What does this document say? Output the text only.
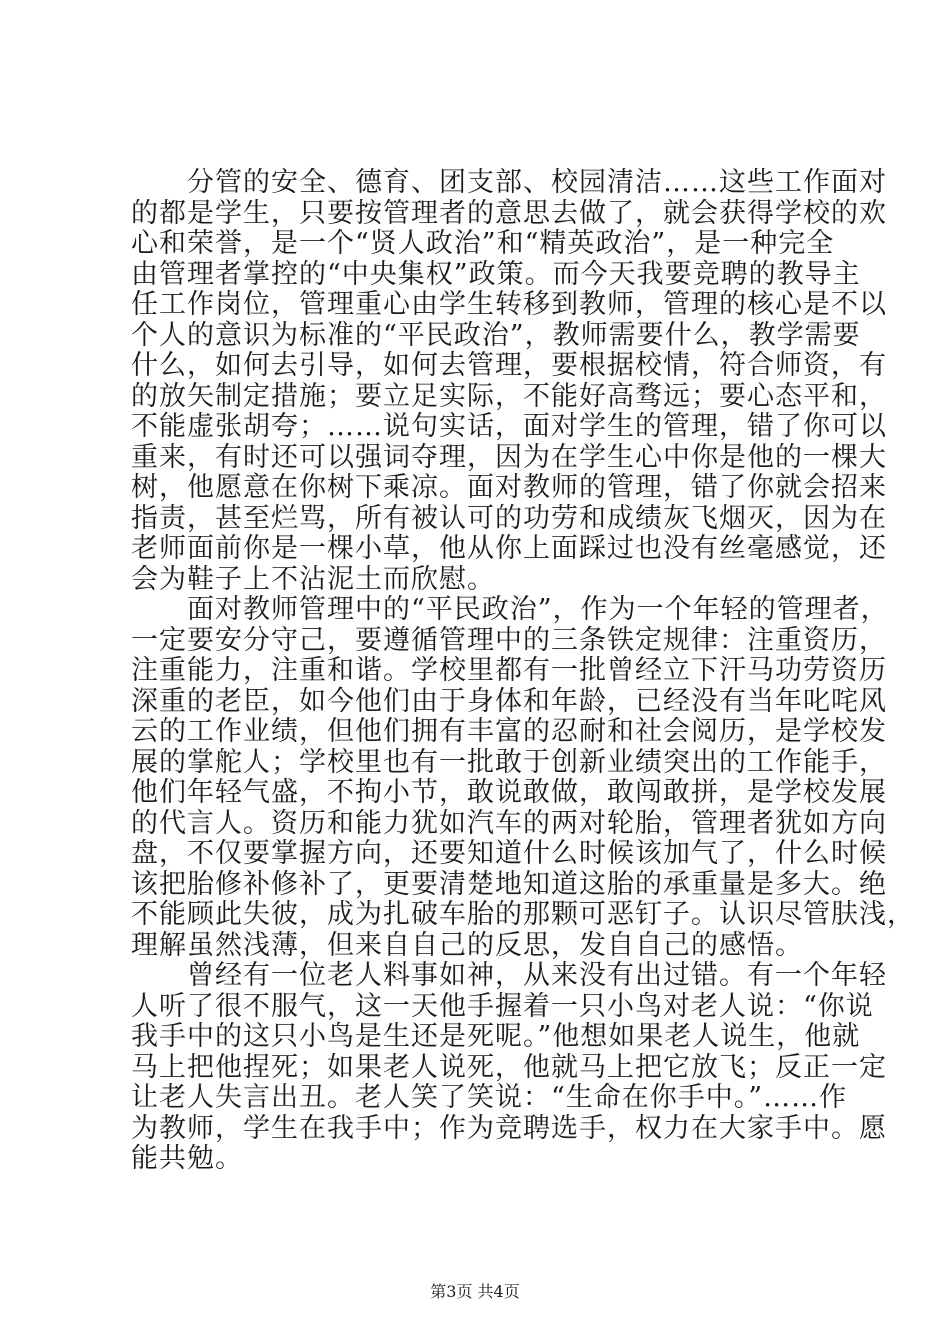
　　分管的安全、德育、团支部、校园清洁……这些工作面对
的都是学生，只要按管理者的意思去做了，就会获得学校的欢
心和荣誉，是一个“贤人政治”和“精英政治”，是一种完全
由管理者掌控的“中央集权”政策。而今天我要竞聘的教导主
任工作岗位，管理重心由学生转移到教师，管理的核心是不以
个人的意识为标准的“平民政治”，教师需要什么，教学需要
什么，如何去引导，如何去管理，要根据校情，符合师资，有
的放矢制定措施；要立足实际，不能好高骛远；要心态平和，
不能虚张胡夸；……说句实话，面对学生的管理，错了你可以
重来，有时还可以强词夺理，因为在学生心中你是他的一棵大
树，他愿意在你树下乘凉。面对教师的管理，错了你就会招来
指责，甚至烂骂，所有被认可的功劳和成绩灰飞烟灭，因为在
老师面前你是一棵小草，他从你上面踩过也没有丝毫感觉，还
会为鞋子上不沾泥土而欣慰。
　　面对教师管理中的“平民政治”，作为一个年轻的管理者，
一定要安分守己，要遵循管理中的三条铁定规律：注重资历，
注重能力，注重和谐。学校里都有一批曾经立下汗马功劳资历
深重的老臣，如今他们由于身体和年龄，已经没有当年叱咤风
云的工作业绩，但他们拥有丰富的忍耐和社会阅历，是学校发
展的掌舵人；学校里也有一批敢于创新业绩突出的工作能手，
他们年轻气盛，不拘小节，敢说敢做，敢闯敢拼，是学校发展
的代言人。资历和能力犹如汽车的两对轮胎，管理者犹如方向
盘，不仅要掌握方向，还要知道什么时候该加气了，什么时候
该把胎修补修补了，更要清楚地知道这胎的承重量是多大。绝
不能顾此失彼，成为扎破车胎的那颗可恶钉子。认识尽管肤浅，
理解虽然浅薄，但来自自己的反思，发自自己的感悟。
　　曾经有一位老人料事如神，从来没有出过错。有一个年轻
人听了很不服气，这一天他手握着一只小鸟对老人说：“你说
我手中的这只小鸟是生还是死呢。”他想如果老人说生，他就
马上把他捏死；如果老人说死，他就马上把它放飞；反正一定
让老人失言出丑。老人笑了笑说：“生命在你手中。”……作
为教师，学生在我手中；作为竞聘选手，权力在大家手中。愿
能共勉。
第3页 共4页
